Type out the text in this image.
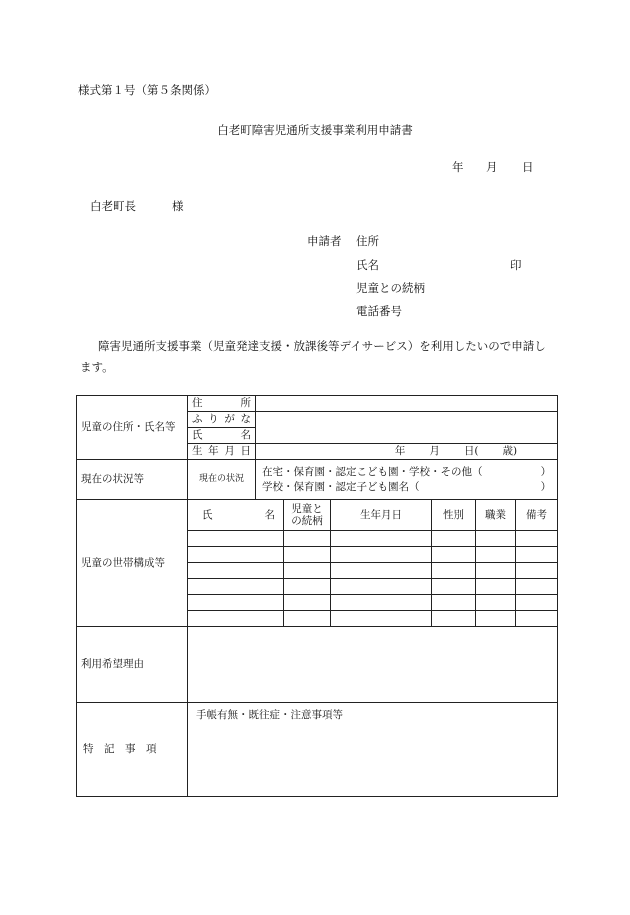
様式第１号（第５条関係）
白老町障害児通所支援事業利用申請書
年 月 日
白老町長	様
申請者 住所
氏名	印
児童との続柄
電話番号
障害児通所支援事業（児童発達支援・放課後等デイサービス）を利用したいので申請し
ます。
児童の住所・氏名等	住　　所						
	ふりがな						
	氏　　名						
	生年月日	年 月 日( 歳)					

現在の状況等	現在の状況	在宅・保育園・認定こども園・学校・その他（ ）
学校・保育園・認定子ども園名（ ）					

児童の世帯構成等	氏　　　名		児童と
の続柄	生年月日	性別	職業	備考

利用希望理由							
特　記　事　項	手帳有無・既往症・注意事項等						
